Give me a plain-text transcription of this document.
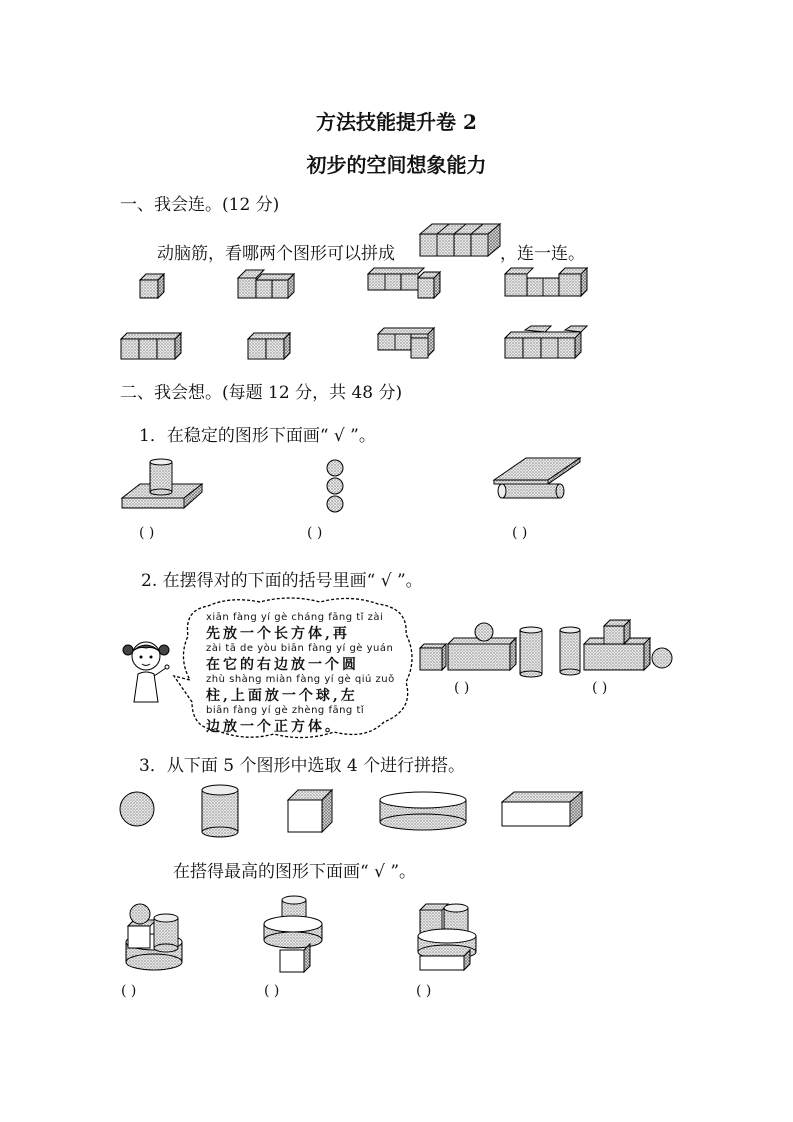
方法技能提升卷 2
初步的空间想象能力
一、我会连。(12 分)
动脑筋，看哪两个图形可以拼成	，连一连。
二、我会想。(每题 12 分，共 48 分)
1．在稳定的图形下面画“ √ ”。
( )	( )	( )
2. 在摆得对的下面的括号里画“ √ ”。
xiān fàng yí gè cháng fāng tǐ zài
先放一个长方体,再
zài tā de yòu biān fàng yí gè yuán
在它的右边放一个圆
zhù shàng miàn fàng yí gè qiú zuǒ
柱,上面放一个球,左
biān fàng yí gè zhèng fāng tǐ
边放一个正方体。
( )	( )
3．从下面 5 个图形中选取 4 个进行拼搭。
在搭得最高的图形下面画“ √ ”。
( )	( )	( )
